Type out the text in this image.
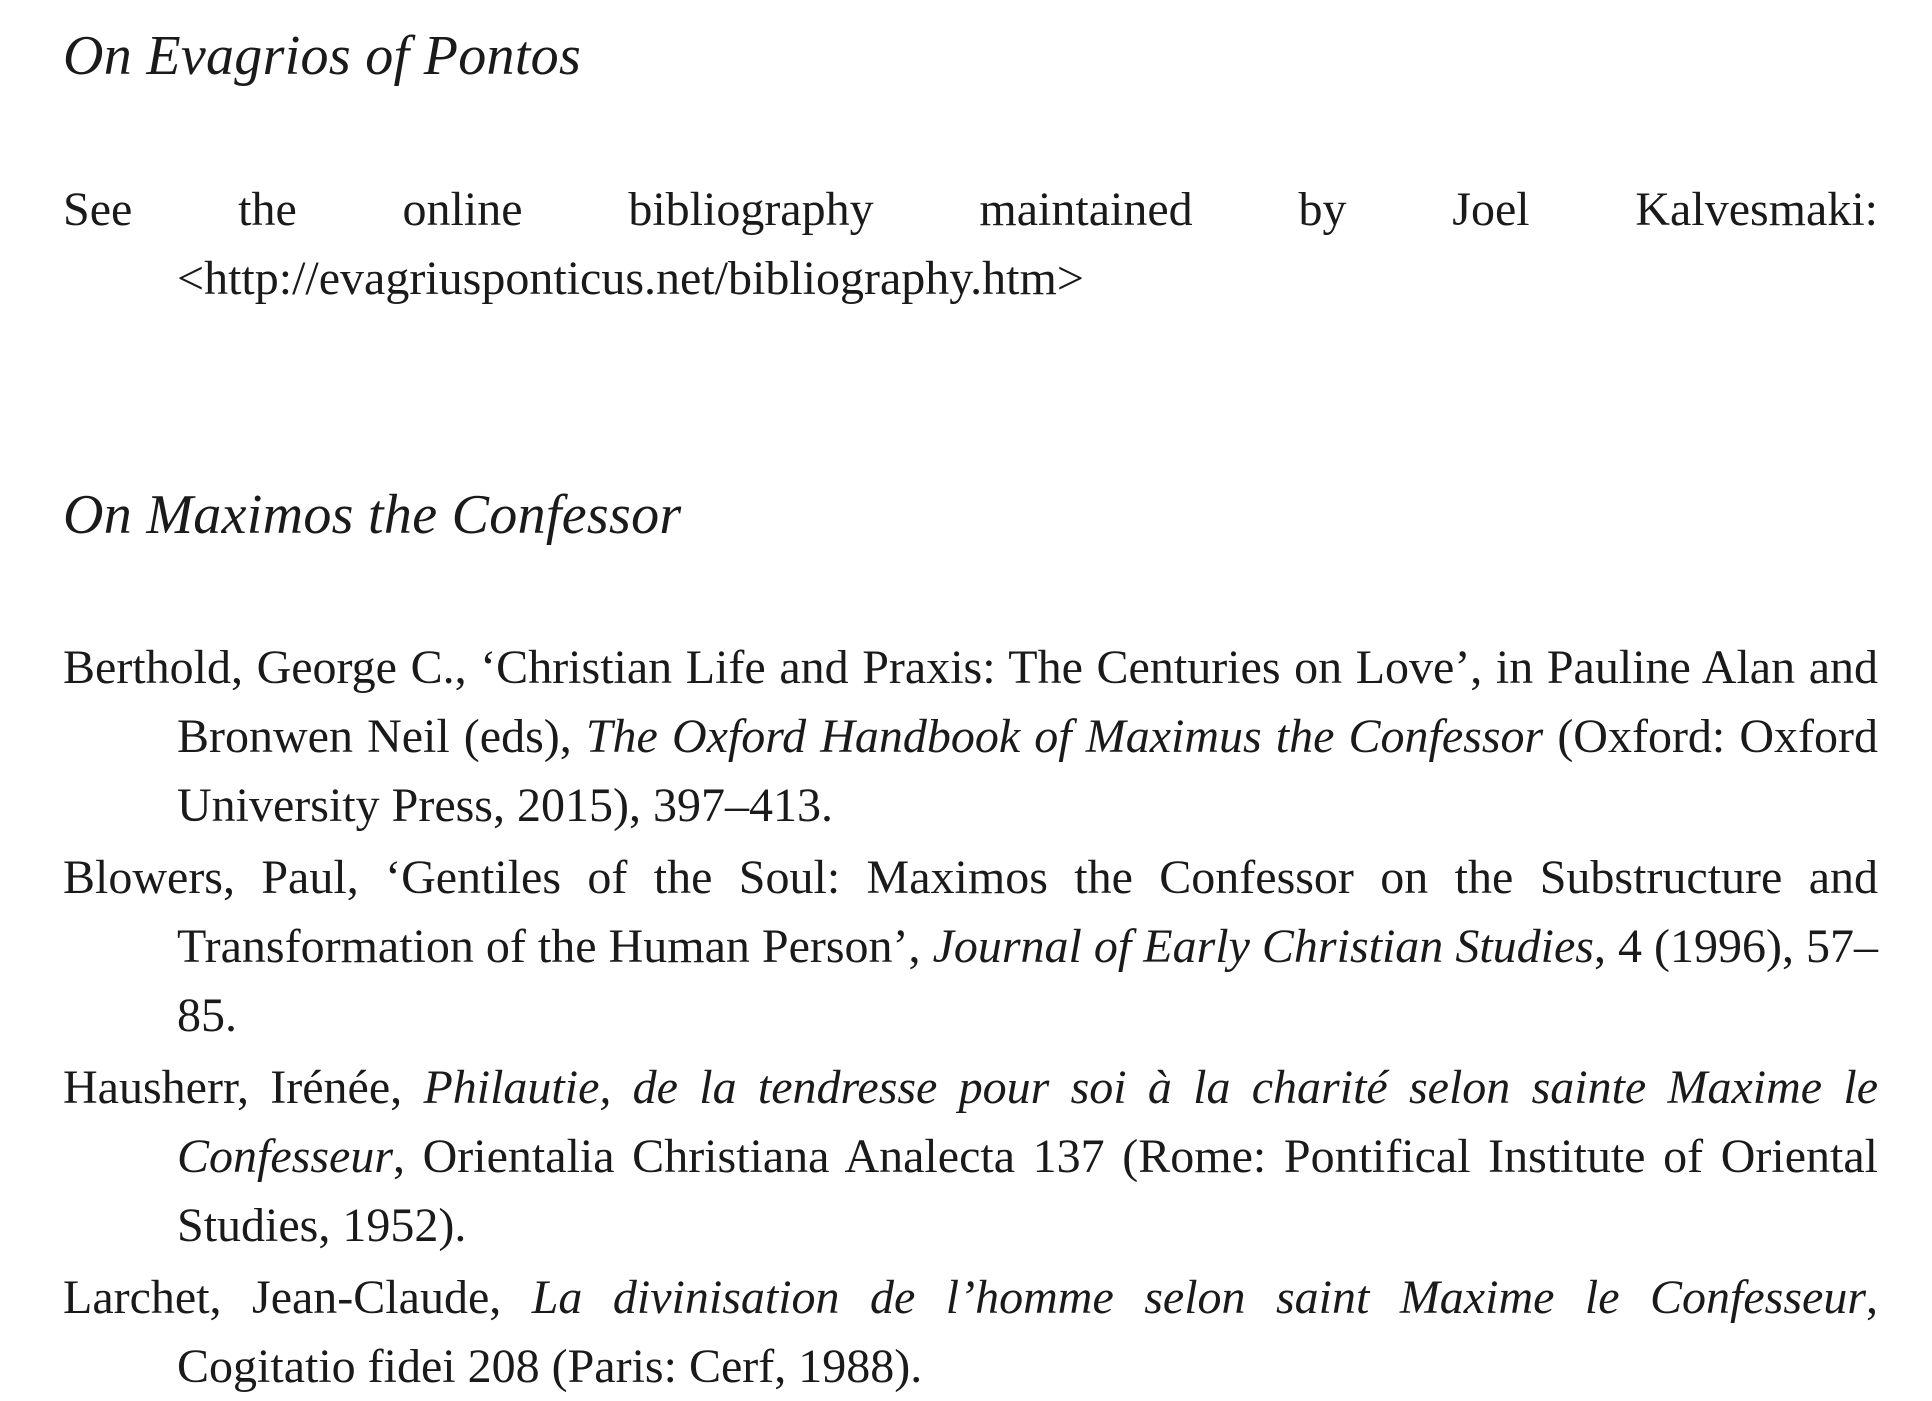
On Evagrios of Pontos

See the online bibliography maintained by Joel Kalvesmaki: <http://evagriusponticus.net/bibliography.htm>

On Maximos the Confessor

Berthold, George C., ‘Christian Life and Praxis: The Centuries on Love’, in Pauline Alan and Bronwen Neil (eds), The Oxford Handbook of Maximus the Confessor (Oxford: Oxford University Press, 2015), 397–413.

Blowers, Paul, ‘Gentiles of the Soul: Maximos the Confessor on the Substructure and Transformation of the Human Person’, Journal of Early Christian Studies, 4 (1996), 57–85.

Hausherr, Irénée, Philautie, de la tendresse pour soi à la charité selon sainte Maxime le Confesseur, Orientalia Christiana Analecta 137 (Rome: Pontifical Institute of Oriental Studies, 1952).

Larchet, Jean-Claude, La divinisation de l’homme selon saint Maxime le Confesseur, Cogitatio fidei 208 (Paris: Cerf, 1988).
